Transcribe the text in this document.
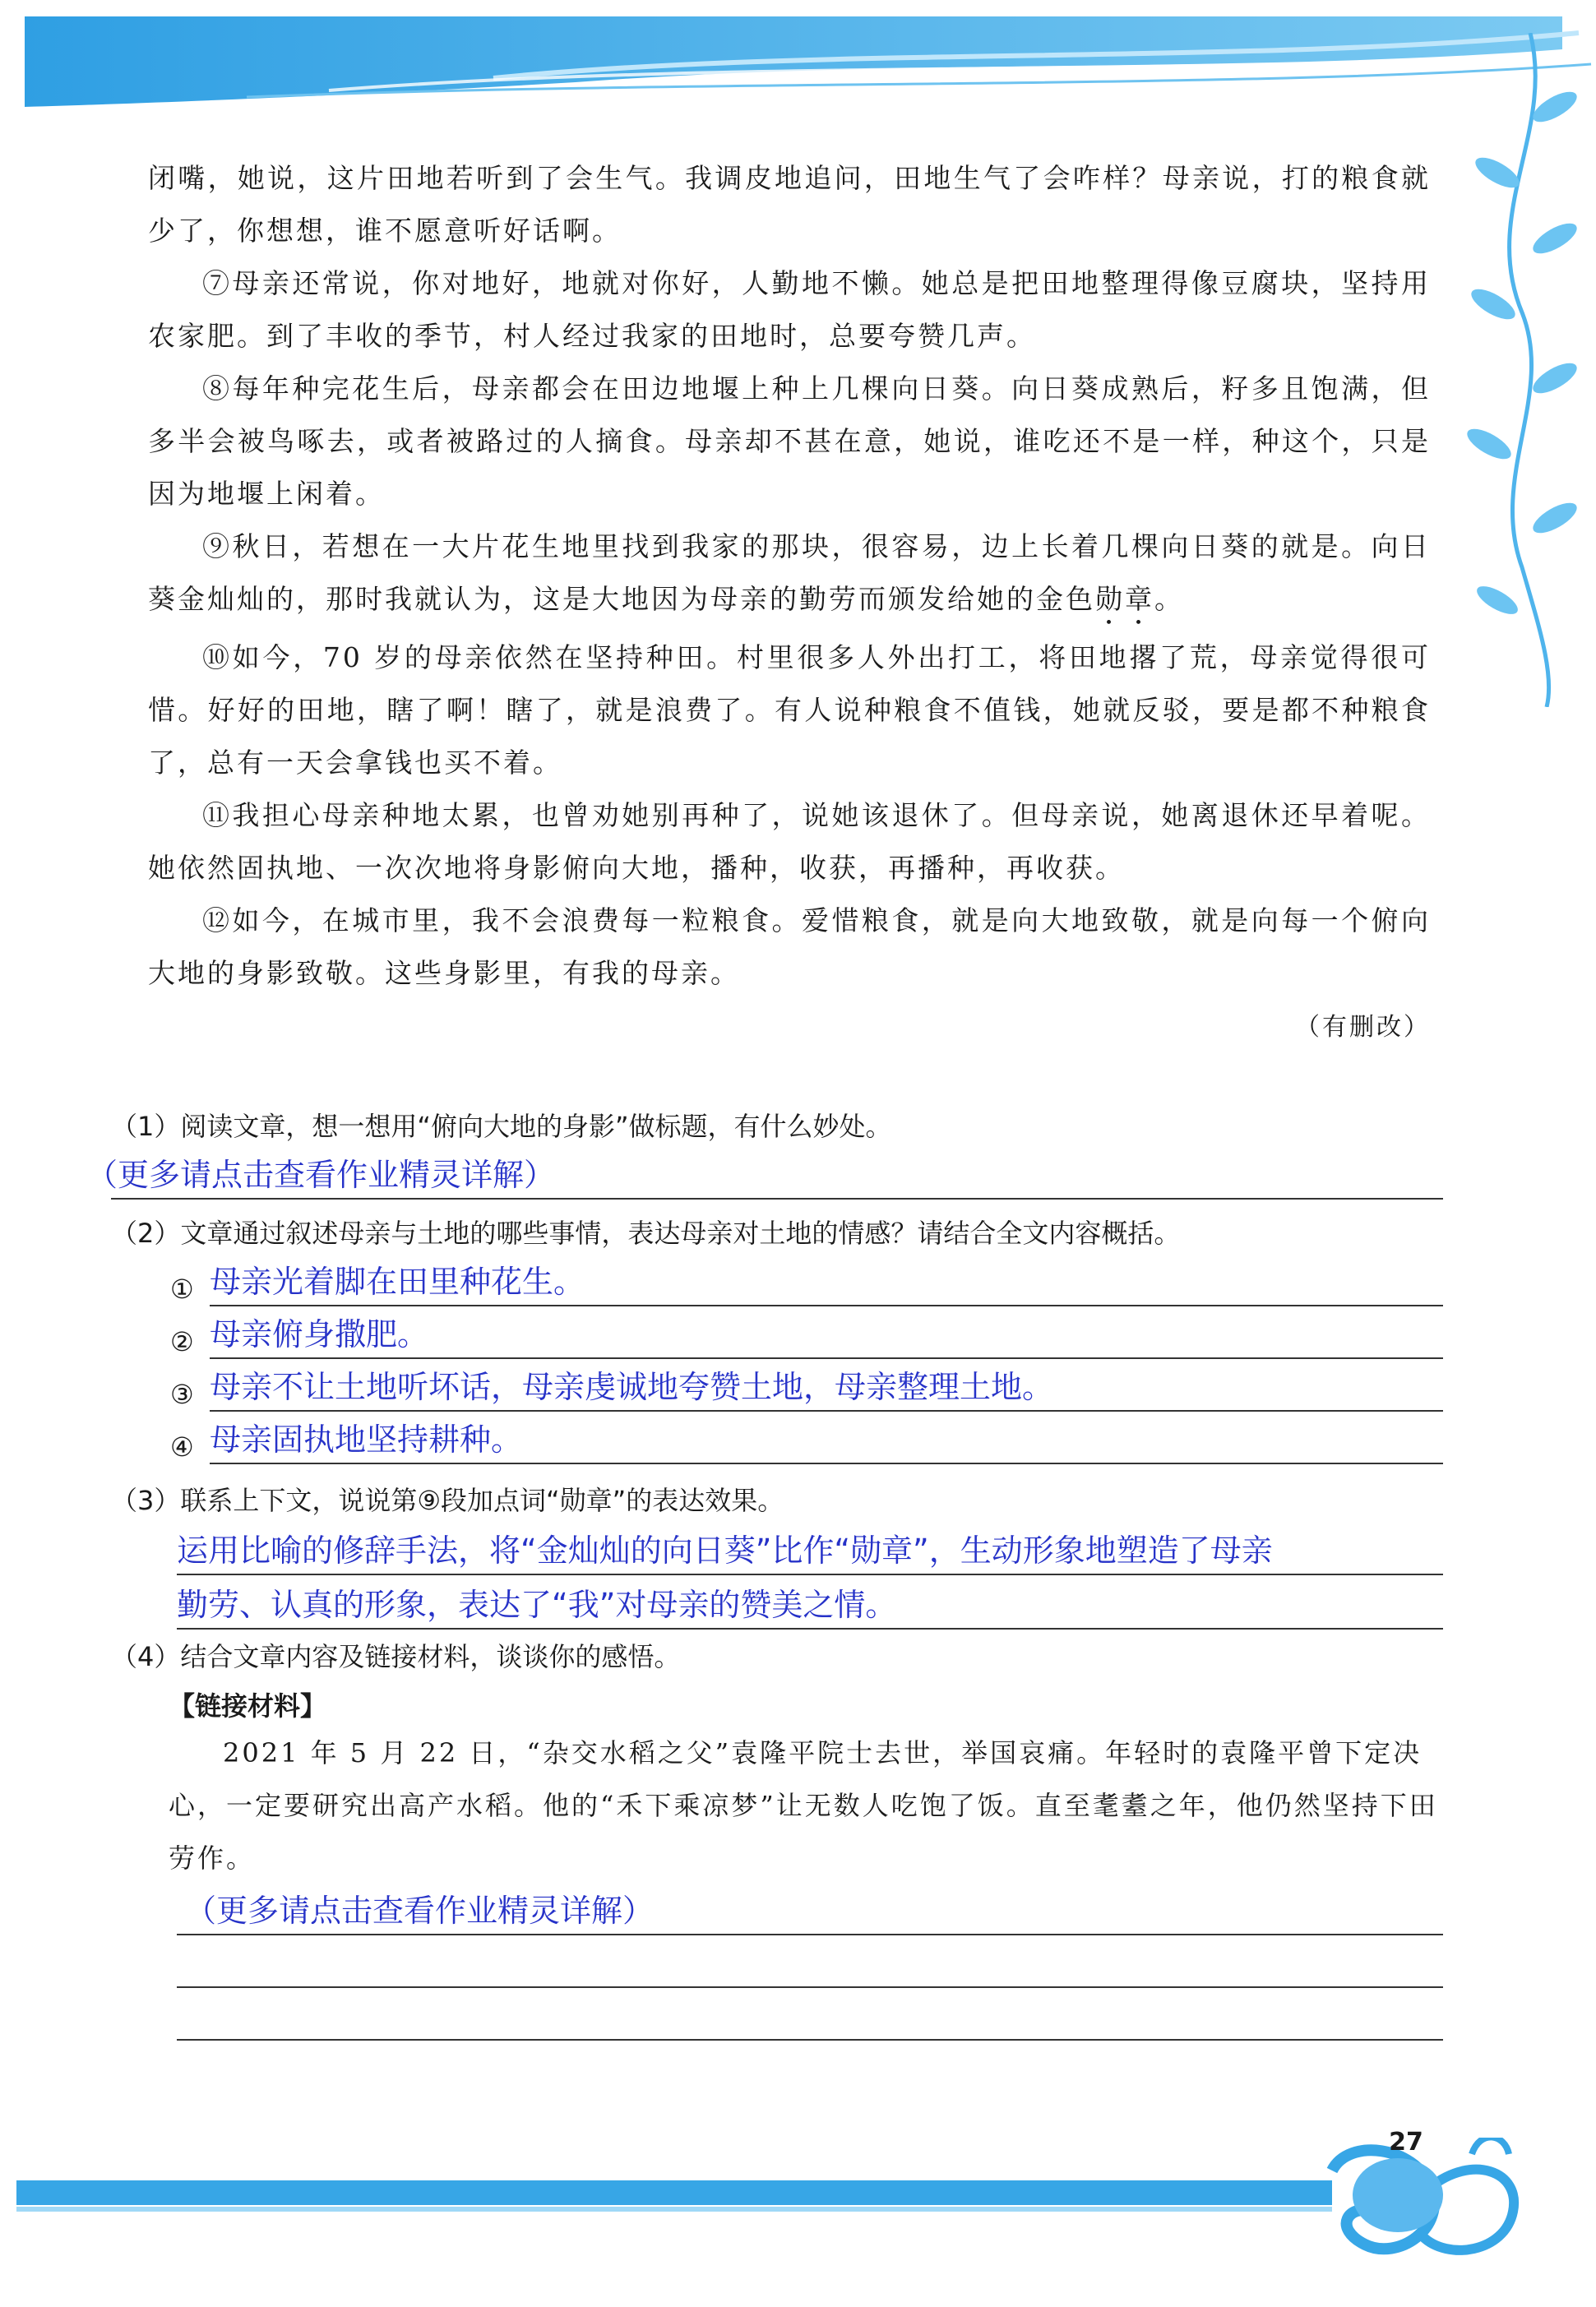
闭嘴，她说，这片田地若听到了会生气。我调皮地追问，田地生气了会咋样？母亲说，打的粮食就少了，你想想，谁不愿意听好话啊。

⑦母亲还常说，你对地好，地就对你好，人勤地不懒。她总是把田地整理得像豆腐块，坚持用农家肥。到了丰收的季节，村人经过我家的田地时，总要夸赞几声。

⑧每年种完花生后，母亲都会在田边地堰上种上几棵向日葵。向日葵成熟后，籽多且饱满，但多半会被鸟啄去，或者被路过的人摘食。母亲却不甚在意，她说，谁吃还不是一样，种这个，只是因为地堰上闲着。

⑨秋日，若想在一大片花生地里找到我家的那块，很容易，边上长着几棵向日葵的就是。向日葵金灿灿的，那时我就认为，这是大地因为母亲的勤劳而颁发给她的金色勋章。

⑩如今，70 岁的母亲依然在坚持种田。村里很多人外出打工，将田地撂了荒，母亲觉得很可惜。好好的田地，瞎了啊！瞎了，就是浪费了。有人说种粮食不值钱，她就反驳，要是都不种粮食了，总有一天会拿钱也买不着。

⑪我担心母亲种地太累，也曾劝她别再种了，说她该退休了。但母亲说，她离退休还早着呢。她依然固执地、一次次地将身影俯向大地，播种，收获，再播种，再收获。

⑫如今，在城市里，我不会浪费每一粒粮食。爱惜粮食，就是向大地致敬，就是向每一个俯向大地的身影致敬。这些身影里，有我的母亲。

（有删改）
（1）阅读文章，想一想用“俯向大地的身影”做标题，有什么妙处。
（更多请点击查看作业精灵详解）
（2）文章通过叙述母亲与土地的哪些事情，表达母亲对土地的情感？请结合全文内容概括。
① 母亲光着脚在田里种花生。
② 母亲俯身撒肥。
③ 母亲不让土地听坏话，母亲虔诚地夸赞土地，母亲整理土地。
④ 母亲固执地坚持耕种。
（3）联系上下文，说说第⑨段加点词“勋章”的表达效果。
运用比喻的修辞手法，将“金灿灿的向日葵”比作“勋章”，生动形象地塑造了母亲
勤劳、认真的形象，表达了“我”对母亲的赞美之情。
（4）结合文章内容及链接材料，谈谈你的感悟。
【链接材料】
2021 年 5 月 22 日，“杂交水稻之父”袁隆平院士去世，举国哀痛。年轻时的袁隆平曾下定决心，一定要研究出高产水稻。他的“禾下乘凉梦”让无数人吃饱了饭。直至耄耋之年，他仍然坚持下田劳作。
（更多请点击查看作业精灵详解）
27
